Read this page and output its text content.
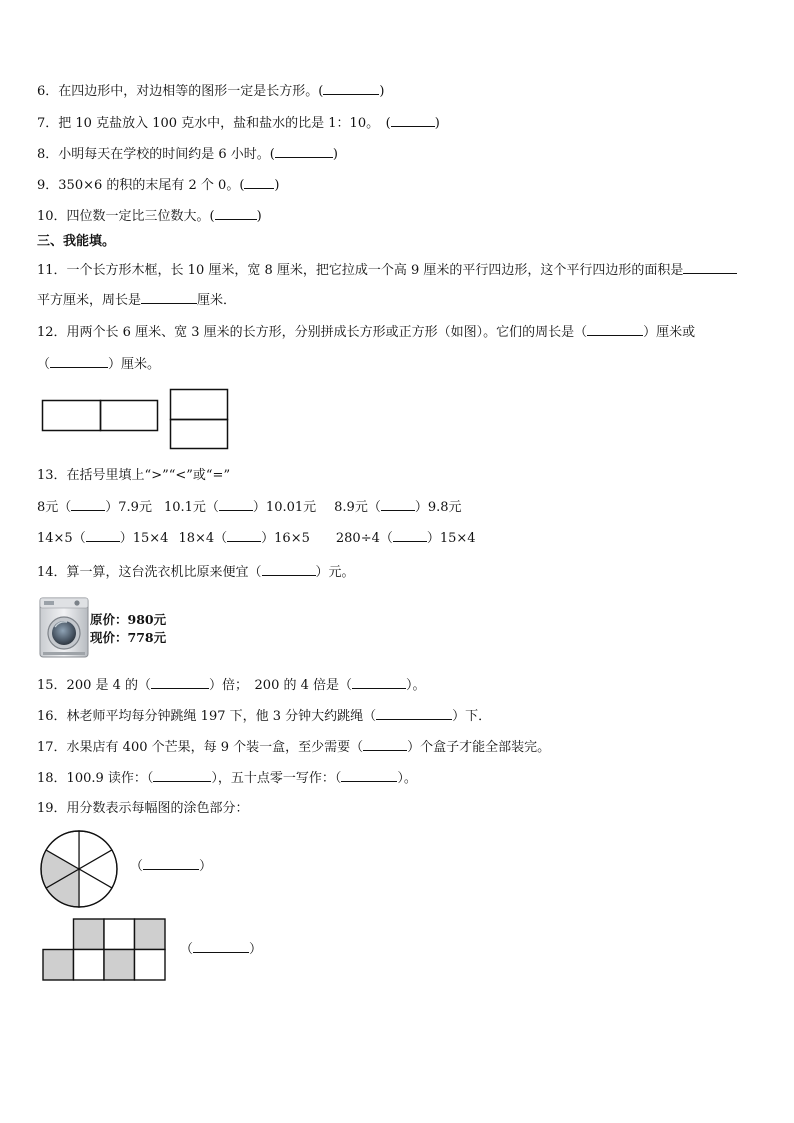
6．在四边形中，对边相等的图形一定是长方形。(	)
7．把 10 克盐放入 100 克水中，盐和盐水的比是 1：10。　(	)
8．小明每天在学校的时间约是 6 小时。(	)
9．350×6 的积的末尾有 2 个 0。( )
10．四位数一定比三位数大。(	)
三、我能填。
11．一个长方形木框，长 10 厘米，宽 8 厘米，把它拉成一个高 9 厘米的平行四边形，这个平行四边形的面积是
平方厘米，周长是	厘米．
12．用两个长 6 厘米、宽 3 厘米的长方形，分别拼成长方形或正方形（如图）。它们的周长是（	）厘米或
（	）厘米。
13．在括号里填上“>”“<”或“=”
8元（	）7.9元 10.1元（	）10.01元 8.9元（	）9.8元
14×5（	）15×4 18×4（	）16×5 280÷4（	）15×4
14．算一算，这台洗衣机比原来便宜（	）元。
原价：980元
现价：778元
15．200 是 4 的（	）倍；　200 的 4 倍是（	）。
16．林老师平均每分钟跳绳 197 下，他 3 分钟大约跳绳（	）下．
17．水果店有 400 个芒果，每 9 个装一盒，至少需要（	）个盒子才能全部装完。
18．100.9 读作：（	），五十点零一写作：（	）。
19．用分数表示每幅图的涂色部分：
（	）
（	）
